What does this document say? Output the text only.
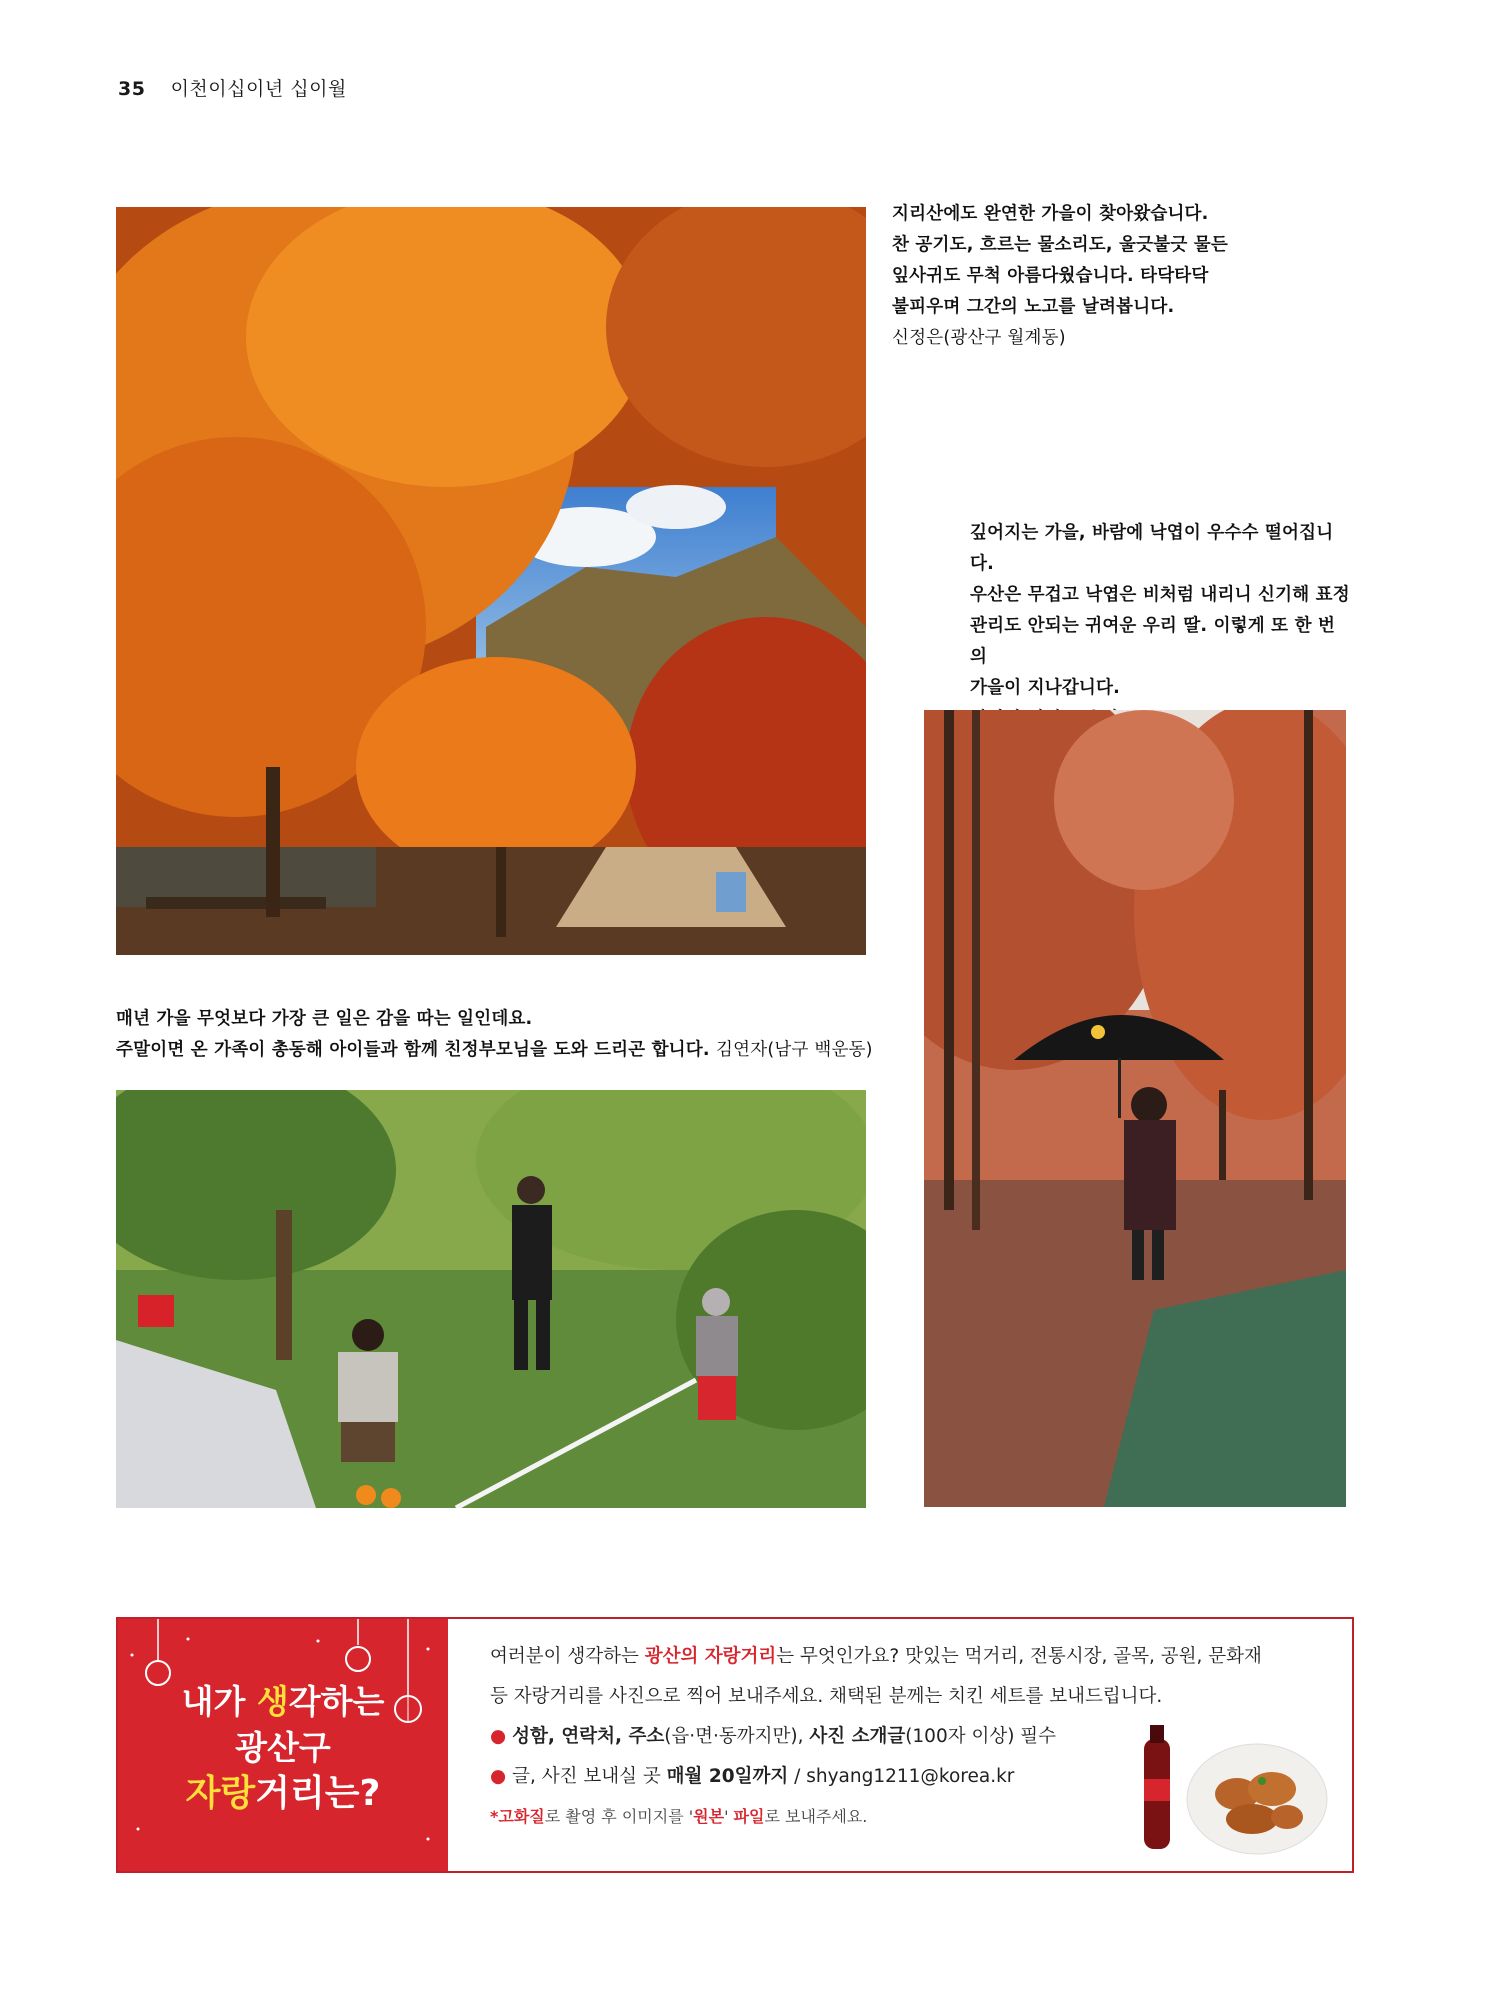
35 이천이십이년 십이월

지리산에도 완연한 가을이 찾아왔습니다.

찬 공기도, 흐르는 물소리도, 울긋불긋 물든

잎사귀도 무척 아름다웠습니다. 타닥타닥

불피우며 그간의 노고를 날려봅니다.

신정은(광산구 월계동)

깊어지는 가을, 바람에 낙엽이 우수수 떨어집니다.

우산은 무겁고 낙엽은 비처럼 내리니 신기해 표정

관리도 안되는 귀여운 우리 딸. 이렇게 또 한 번의

가을이 지나갑니다.

매년 가을 무엇보다 가장 큰 일은 감을 따는 일인데요.

주말이면 온 가족이 총동해 아이들과 함께 친정부모님을 도와 드리곤 합니다. 김연자(남구 백운동)
내가 생각하는
광산구
자랑거리는?
여러분이 생각하는 광산의 자랑거리는 무엇인가요? 맛있는 먹거리, 전통시장, 골목, 공원, 문화재
등 자랑거리를 사진으로 찍어 보내주세요. 채택된 분께는 치킨 세트를 보내드립니다.
● 성함, 연락처, 주소(읍·면·동까지만), 사진 소개글(100자 이상) 필수
● 글, 사진 보내실 곳 매월 20일까지 / shyang1211@korea.kr
*고화질로 촬영 후 이미지를 '원본' 파일로 보내주세요.
